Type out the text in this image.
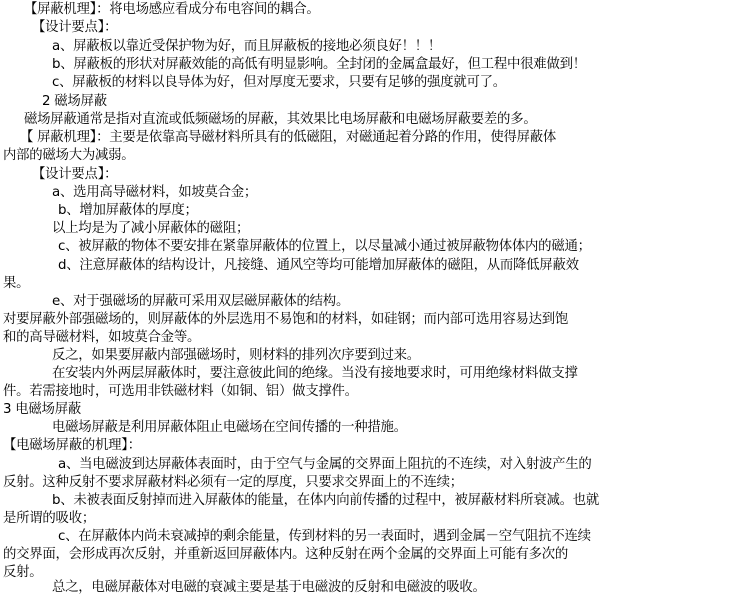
【屏蔽机理】：将电场感应看成分布电容间的耦合。
【设计要点】：
a、屏蔽板以靠近受保护物为好，而且屏蔽板的接地必须良好！！！
b、屏蔽板的形状对屏蔽效能的高低有明显影响。全封闭的金属盒最好，但工程中很难做到！
c、屏蔽板的材料以良导体为好，但对厚度无要求，只要有足够的强度就可了。
2 磁场屏蔽
磁场屏蔽通常是指对直流或低频磁场的屏蔽，其效果比电场屏蔽和电磁场屏蔽要差的多。
【 屏蔽机理】：主要是依靠高导磁材料所具有的低磁阻，对磁通起着分路的作用，使得屏蔽体
内部的磁场大为减弱。
【设计要点】：
a、选用高导磁材料，如坡莫合金；
b、增加屏蔽体的厚度；
以上均是为了减小屏蔽体的磁阻；
c、被屏蔽的物体不要安排在紧靠屏蔽体的位置上，以尽量减小通过被屏蔽物体体内的磁通；
d、注意屏蔽体的结构设计，凡接缝、通风空等均可能增加屏蔽体的磁阻，从而降低屏蔽效
果。
e、对于强磁场的屏蔽可采用双层磁屏蔽体的结构。
对要屏蔽外部强磁场的，则屏蔽体的外层选用不易饱和的材料，如硅钢；而内部可选用容易达到饱
和的高导磁材料，如坡莫合金等。
反之，如果要屏蔽内部强磁场时，则材料的排列次序要到过来。
在安装内外两层屏蔽体时，要注意彼此间的绝缘。当没有接地要求时，可用绝缘材料做支撑
件。若需接地时，可选用非铁磁材料（如铜、铝）做支撑件。
3 电磁场屏蔽
电磁场屏蔽是利用屏蔽体阻止电磁场在空间传播的一种措施。
【电磁场屏蔽的机理】：
a、当电磁波到达屏蔽体表面时，由于空气与金属的交界面上阻抗的不连续，对入射波产生的
反射。这种反射不要求屏蔽材料必须有一定的厚度，只要求交界面上的不连续；
b、未被表面反射掉而进入屏蔽体的能量，在体内向前传播的过程中，被屏蔽材料所衰减。也就
是所谓的吸收；
c、在屏蔽体内尚未衰减掉的剩余能量，传到材料的另一表面时，遇到金属－空气阻抗不连续
的交界面，会形成再次反射，并重新返回屏蔽体内。这种反射在两个金属的交界面上可能有多次的
反射。
总之，电磁屏蔽体对电磁的衰减主要是基于电磁波的反射和电磁波的吸收。
